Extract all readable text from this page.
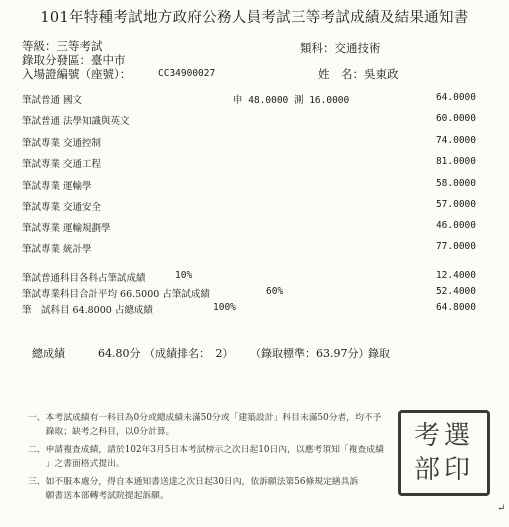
101年特種考試地方政府公務人員考試三等考試成績及結果通知書
等級：三等考試
錄取分發區：臺中市
入場證編號（座號）：	CC34900027
類科：交通技術
姓　名：吳東政
筆試普通 國文	申 48.0000 測 16.0000	64.0000
筆試普通 法學知識與英文	60.0000
筆試專業 交通控制	74.0000
筆試專業 交通工程	81.0000
筆試專業 運輸學	58.0000
筆試專業 交通安全	57.0000
筆試專業 運輸規劃學	46.0000
筆試專業 統計學	77.0000
筆試普通科目各科占筆試成績	10%	12.4000
筆試專業科目合計平均 66.5000 占筆試成績	60%	52.4000
筆　試科目 64.8000 占總成績	100%	64.8000
總成績	64.80分 （成績排名：　2） （錄取標準：63.97分）
錄取
一、本考試成績有一科目為0分或總成績未滿50分或「建築設計」科目未滿50分者，均不予
　　錄取；缺考之科目，以0分計算。
二、申請複查成績，請於102年3月5日本考試榜示之次日起10日內，以應考須知「複查成績
　　」之書面格式提出。
三、如不服本處分，得自本通知書送達之次日起30日內，依訴願法第56條規定繕具訴
　　願書送本部轉考試院提起訴願。
考選
部印
↵
